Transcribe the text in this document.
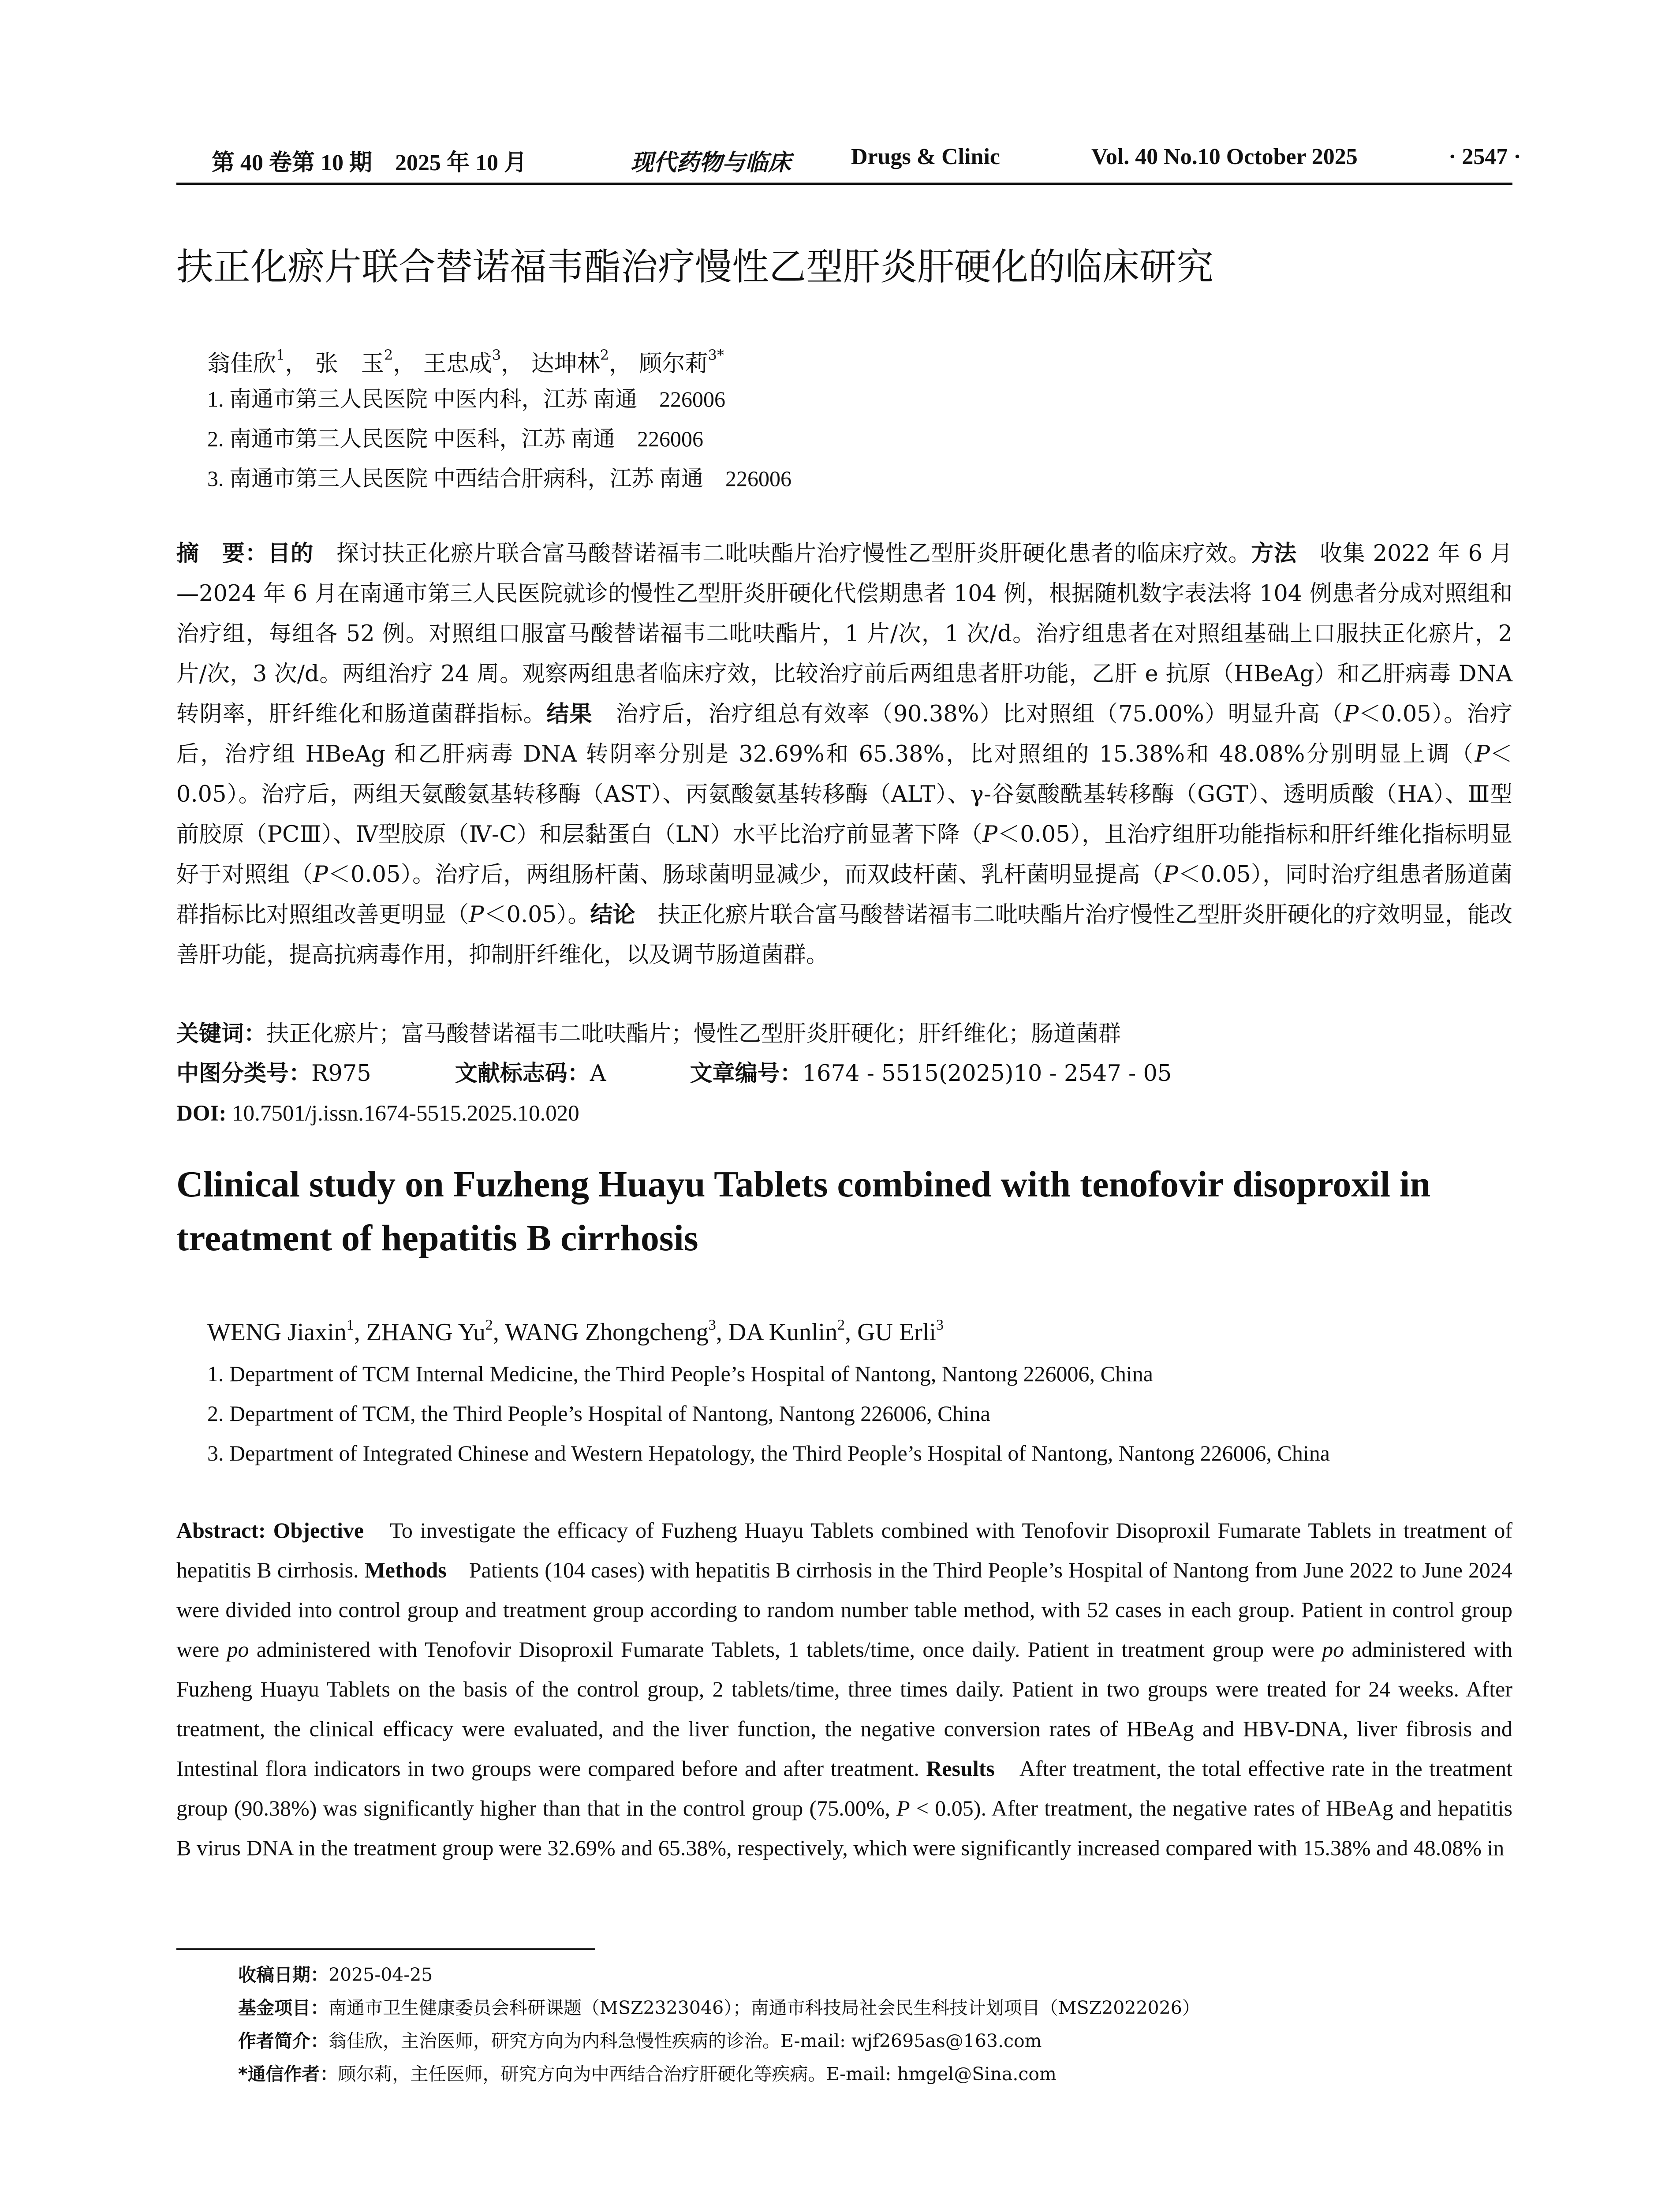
第 40 卷第 10 期　2025 年 10 月	现代药物与临床	Drugs & Clinic	Vol. 40 No.10 October 2025	· 2547 ·
扶正化瘀片联合替诺福韦酯治疗慢性乙型肝炎肝硬化的临床研究
翁佳欣$^1$， 张　玉$^2$， 王忠成$^3$， 达坤林$^2$， 顾尔莉$^{3*}$
1. 南通市第三人民医院 中医内科，江苏 南通　226006
2. 南通市第三人民医院 中医科，江苏 南通　226006
3. 南通市第三人民医院 中西结合肝病科，江苏 南通　226006
摘　要：目的　探讨扶正化瘀片联合富马酸替诺福韦二吡呋酯片治疗慢性乙型肝炎肝硬化患者的临床疗效。方法　收集 2022 年 6 月—2024 年 6 月在南通市第三人民医院就诊的慢性乙型肝炎肝硬化代偿期患者 104 例，根据随机数字表法将 104 例患者分成对照组和治疗组，每组各 52 例。对照组口服富马酸替诺福韦二吡呋酯片，1 片/次，1 次/d。治疗组患者在对照组基础上口服扶正化瘀片，2 片/次，3 次/d。两组治疗 24 周。观察两组患者临床疗效，比较治疗前后两组患者肝功能，乙肝 e 抗原（HBeAg）和乙肝病毒 DNA 转阴率，肝纤维化和肠道菌群指标。结果　治疗后，治疗组总有效率（90.38%）比对照组（75.00%）明显升高（P＜0.05）。治疗后，治疗组 HBeAg 和乙肝病毒 DNA 转阴率分别是 32.69%和 65.38%，比对照组的 15.38%和 48.08%分别明显上调（P＜0.05）。治疗后，两组天氨酸氨基转移酶（AST）、丙氨酸氨基转移酶（ALT）、γ-谷氨酸酰基转移酶（GGT）、透明质酸（HA）、Ⅲ型前胶原（PCⅢ）、Ⅳ型胶原（Ⅳ-C）和层黏蛋白（LN）水平比治疗前显著下降（P＜0.05），且治疗组肝功能指标和肝纤维化指标明显好于对照组（P＜0.05）。治疗后，两组肠杆菌、肠球菌明显减少，而双歧杆菌、乳杆菌明显提高（P＜0.05），同时治疗组患者肠道菌群指标比对照组改善更明显（P＜0.05）。结论　扶正化瘀片联合富马酸替诺福韦二吡呋酯片治疗慢性乙型肝炎肝硬化的疗效明显，能改善肝功能，提高抗病毒作用，抑制肝纤维化，以及调节肠道菌群。
关键词：扶正化瘀片；富马酸替诺福韦二吡呋酯片；慢性乙型肝炎肝硬化；肝纤维化；肠道菌群
中图分类号：R975	文献标志码：A	文章编号：1674 - 5515(2025)10 - 2547 - 05
DOI: 10.7501/j.issn.1674-5515.2025.10.020
Clinical study on Fuzheng Huayu Tablets combined with tenofovir disoproxil in treatment of hepatitis B cirrhosis
WENG Jiaxin$^1$, ZHANG Yu$^2$, WANG Zhongcheng$^3$, DA Kunlin$^2$, GU Erli$^3$
1. Department of TCM Internal Medicine, the Third People’s Hospital of Nantong, Nantong 226006, China
2. Department of TCM, the Third People’s Hospital of Nantong, Nantong 226006, China
3. Department of Integrated Chinese and Western Hepatology, the Third People’s Hospital of Nantong, Nantong 226006, China
Abstract: Objective　To investigate the efficacy of Fuzheng Huayu Tablets combined with Tenofovir Disoproxil Fumarate Tablets in treatment of hepatitis B cirrhosis. Methods　Patients (104 cases) with hepatitis B cirrhosis in the Third People’s Hospital of Nantong from June 2022 to June 2024 were divided into control group and treatment group according to random number table method, with 52 cases in each group. Patient in control group were po administered with Tenofovir Disoproxil Fumarate Tablets, 1 tablets/time, once daily. Patient in treatment group were po administered with Fuzheng Huayu Tablets on the basis of the control group, 2 tablets/time, three times daily. Patient in two groups were treated for 24 weeks. After treatment, the clinical efficacy were evaluated, and the liver function, the negative conversion rates of HBeAg and HBV-DNA, liver fibrosis and Intestinal flora indicators in two groups were compared before and after treatment. Results　After treatment, the total effective rate in the treatment group (90.38%) was significantly higher than that in the control group (75.00%, P < 0.05). After treatment, the negative rates of HBeAg and hepatitis B virus DNA in the treatment group were 32.69% and 65.38%, respectively, which were significantly increased compared with 15.38% and 48.08% in
收稿日期：2025-04-25
基金项目：南通市卫生健康委员会科研课题（MSZ2323046）；南通市科技局社会民生科技计划项目（MSZ2022026）
作者简介：翁佳欣，主治医师，研究方向为内科急慢性疾病的诊治。E-mail: wjf2695as@163.com
*通信作者：顾尔莉，主任医师，研究方向为中西结合治疗肝硬化等疾病。E-mail: hmgel@Sina.com
